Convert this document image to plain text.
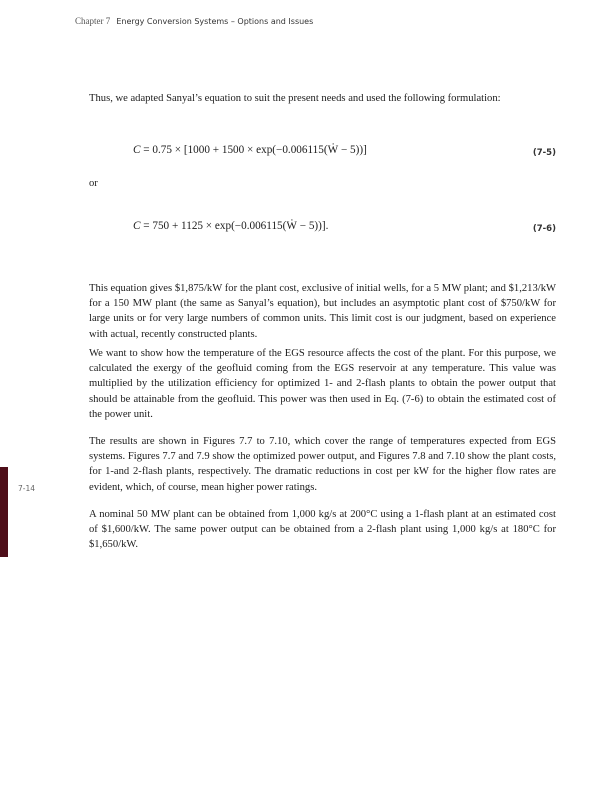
Chapter 7 Energy Conversion Systems – Options and Issues

Thus, we adapted Sanyal’s equation to suit the present needs and used the following formulation:

C = 0.75 × [1000 + 1500 × exp(−0.006115(Ẇ − 5))]	(7-5)
or
C = 750 + 1125 × exp(−0.006115(Ẇ − 5))].	(7-6)

This equation gives $1,875/kW for the plant cost, exclusive of initial wells, for a 5 MW plant; and $1,213/kW for a 150 MW plant (the same as Sanyal’s equation), but includes an asymptotic plant cost of $750/kW for large units or for very large numbers of common units. This limit cost is our judgment, based on experience with actual, recently constructed plants.

We want to show how the temperature of the EGS resource affects the cost of the plant. For this purpose, we calculated the exergy of the geofluid coming from the EGS reservoir at any temperature. This value was multiplied by the utilization efficiency for optimized 1- and 2-flash plants to obtain the power output that should be attainable from the geofluid. This power was then used in Eq. (7-6) to obtain the estimated cost of the power unit.

The results are shown in Figures 7.7 to 7.10, which cover the range of temperatures expected from EGS systems. Figures 7.7 and 7.9 show the optimized power output, and Figures 7.8 and 7.10 show the plant costs, for 1-and 2-flash plants, respectively. The dramatic reductions in cost per kW for the higher flow rates are evident, which, of course, mean higher power ratings.

A nominal 50 MW plant can be obtained from 1,000 kg/s at 200°C using a 1-flash plant at an estimated cost of $1,600/kW. The same power output can be obtained from a 2-flash plant using 1,000 kg/s at 180°C for $1,650/kW.

7-14
